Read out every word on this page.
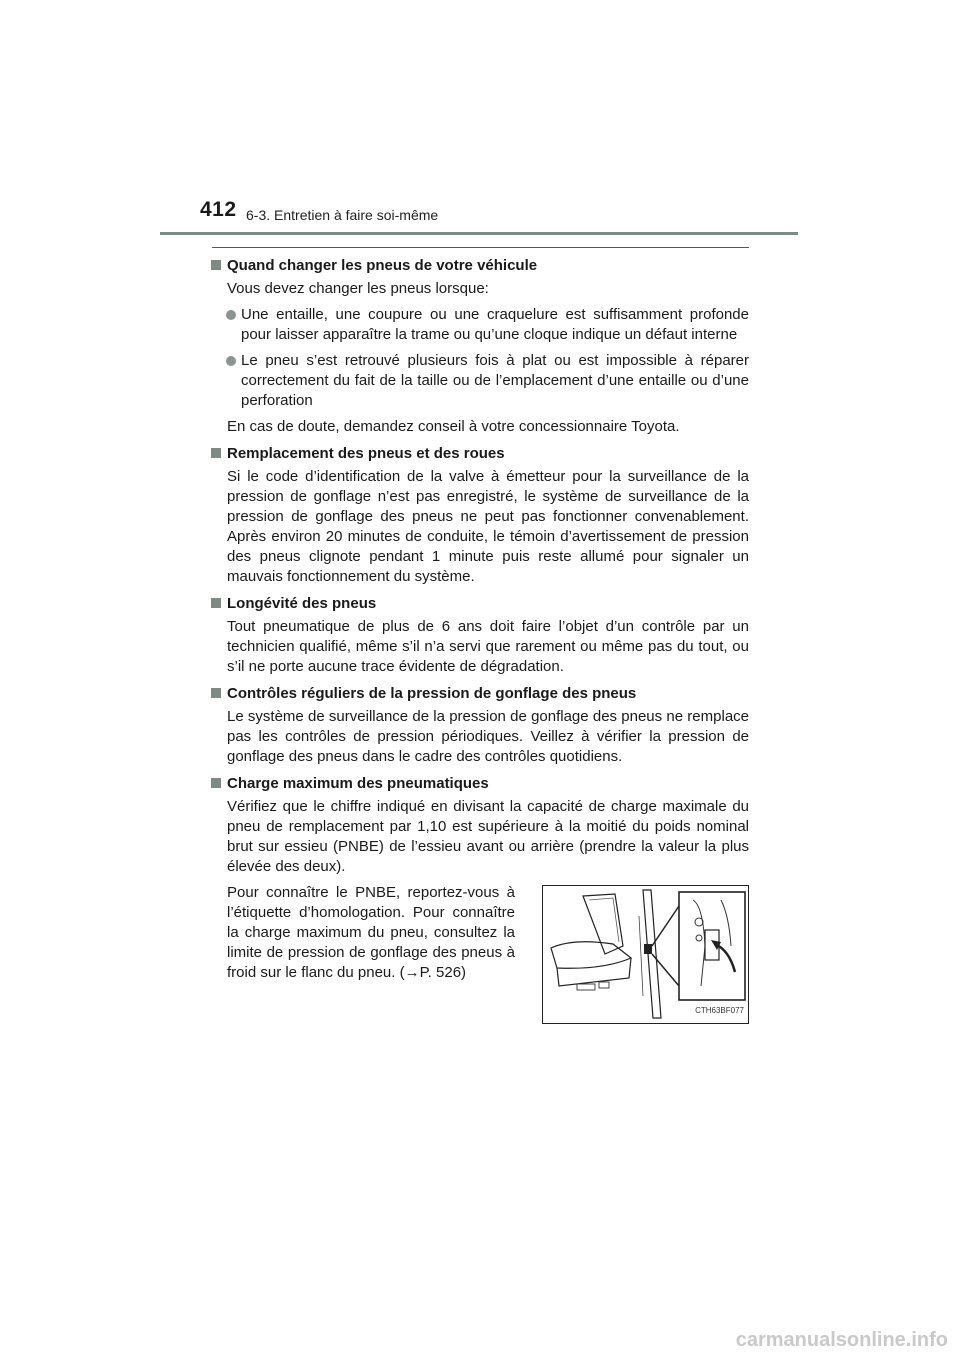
412 6-3. Entretien à faire soi-même
Quand changer les pneus de votre véhicule
Vous devez changer les pneus lorsque:
Une entaille, une coupure ou une craquelure est suffisamment profonde pour laisser apparaître la trame ou qu’une cloque indique un défaut interne
Le pneu s’est retrouvé plusieurs fois à plat ou est impossible à réparer correctement du fait de la taille ou de l’emplacement d’une entaille ou d’une perforation
En cas de doute, demandez conseil à votre concessionnaire Toyota.
Remplacement des pneus et des roues
Si le code d’identification de la valve à émetteur pour la surveillance de la pression de gonflage n’est pas enregistré, le système de surveillance de la pression de gonflage des pneus ne peut pas fonctionner convenablement. Après environ 20 minutes de conduite, le témoin d’avertissement de pression des pneus clignote pendant 1 minute puis reste allumé pour signaler un mauvais fonctionnement du système.
Longévité des pneus
Tout pneumatique de plus de 6 ans doit faire l’objet d’un contrôle par un technicien qualifié, même s’il n’a servi que rarement ou même pas du tout, ou s’il ne porte aucune trace évidente de dégradation.
Contrôles réguliers de la pression de gonflage des pneus
Le système de surveillance de la pression de gonflage des pneus ne remplace pas les contrôles de pression périodiques. Veillez à vérifier la pression de gonflage des pneus dans le cadre des contrôles quotidiens.
Charge maximum des pneumatiques
Vérifiez que le chiffre indiqué en divisant la capacité de charge maximale du pneu de remplacement par 1,10 est supérieure à la moitié du poids nominal brut sur essieu (PNBE) de l’essieu avant ou arrière (prendre la valeur la plus élevée des deux).
Pour connaître le PNBE, reportez-vous à l’étiquette d’homologation. Pour connaître la charge maximum du pneu, consultez la limite de pression de gonflage des pneus à froid sur le flanc du pneu. (→P. 526)
CTH63BF077
carmanualsonline.info
